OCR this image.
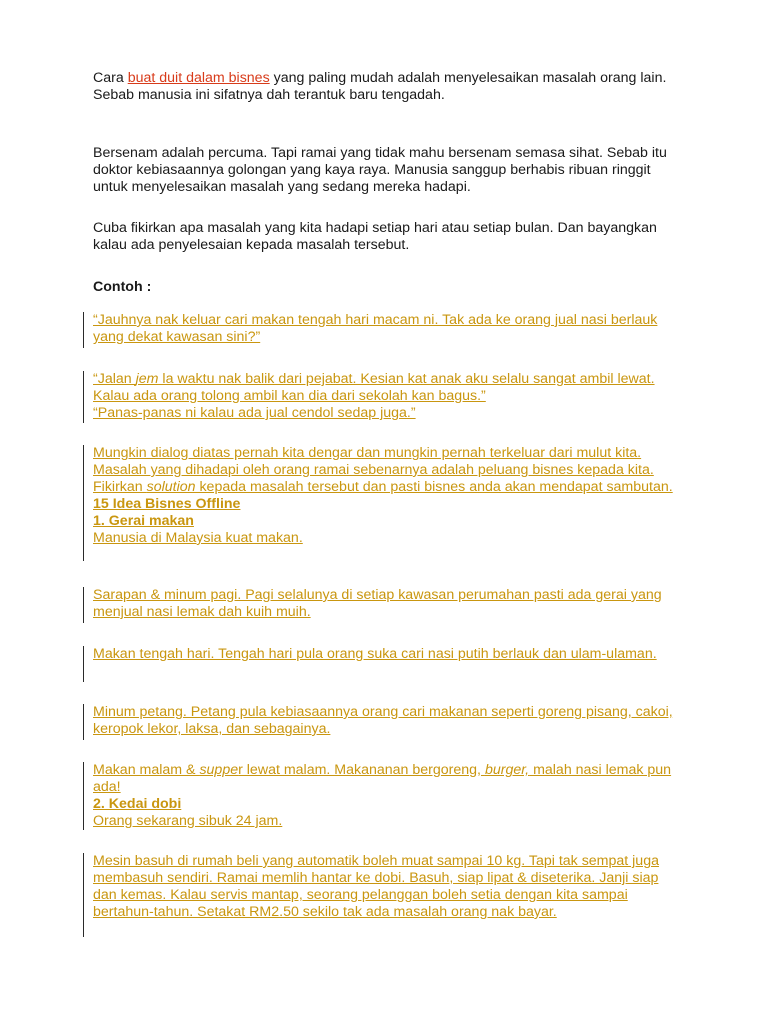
Cara buat duit dalam bisnes yang paling mudah adalah menyelesaikan masalah orang lain.
Sebab manusia ini sifatnya dah terantuk baru tengadah.
Bersenam adalah percuma. Tapi ramai yang tidak mahu bersenam semasa sihat. Sebab itu doktor kebiasaannya golongan yang kaya raya. Manusia sanggup berhabis ribuan ringgit untuk menyelesaikan masalah yang sedang mereka hadapi.
Cuba fikirkan apa masalah yang kita hadapi setiap hari atau setiap bulan. Dan bayangkan kalau ada penyelesaian kepada masalah tersebut.
Contoh :
“Jauhnya nak keluar cari makan tengah hari macam ni. Tak ada ke orang jual nasi berlauk yang dekat kawasan sini?”
“Jalan jem la waktu nak balik dari pejabat. Kesian kat anak aku selalu sangat ambil lewat. Kalau ada orang tolong ambil kan dia dari sekolah kan bagus.”
“Panas-panas ni kalau ada jual cendol sedap juga.”
Mungkin dialog diatas pernah kita dengar dan mungkin pernah terkeluar dari mulut kita. Masalah yang dihadapi oleh orang ramai sebenarnya adalah peluang bisnes kepada kita. Fikirkan solution kepada masalah tersebut dan pasti bisnes anda akan mendapat sambutan.
15 Idea Bisnes Offline
1. Gerai makan
Manusia di Malaysia kuat makan.
Sarapan & minum pagi. Pagi selalunya di setiap kawasan perumahan pasti ada gerai yang menjual nasi lemak dah kuih muih.
Makan tengah hari. Tengah hari pula orang suka cari nasi putih berlauk dan ulam-ulaman.
Minum petang. Petang pula kebiasaannya orang cari makanan seperti goreng pisang, cakoi, keropok lekor, laksa, dan sebagainya.
Makan malam & supper lewat malam. Makananan bergoreng, burger, malah nasi lemak pun ada!
2. Kedai dobi
Orang sekarang sibuk 24 jam.
Mesin basuh di rumah beli yang automatik boleh muat sampai 10 kg. Tapi tak sempat juga membasuh sendiri. Ramai memlih hantar ke dobi. Basuh, siap lipat & diseterika. Janji siap dan kemas. Kalau servis mantap, seorang pelanggan boleh setia dengan kita sampai bertahun-tahun. Setakat RM2.50 sekilo tak ada masalah orang nak bayar.
